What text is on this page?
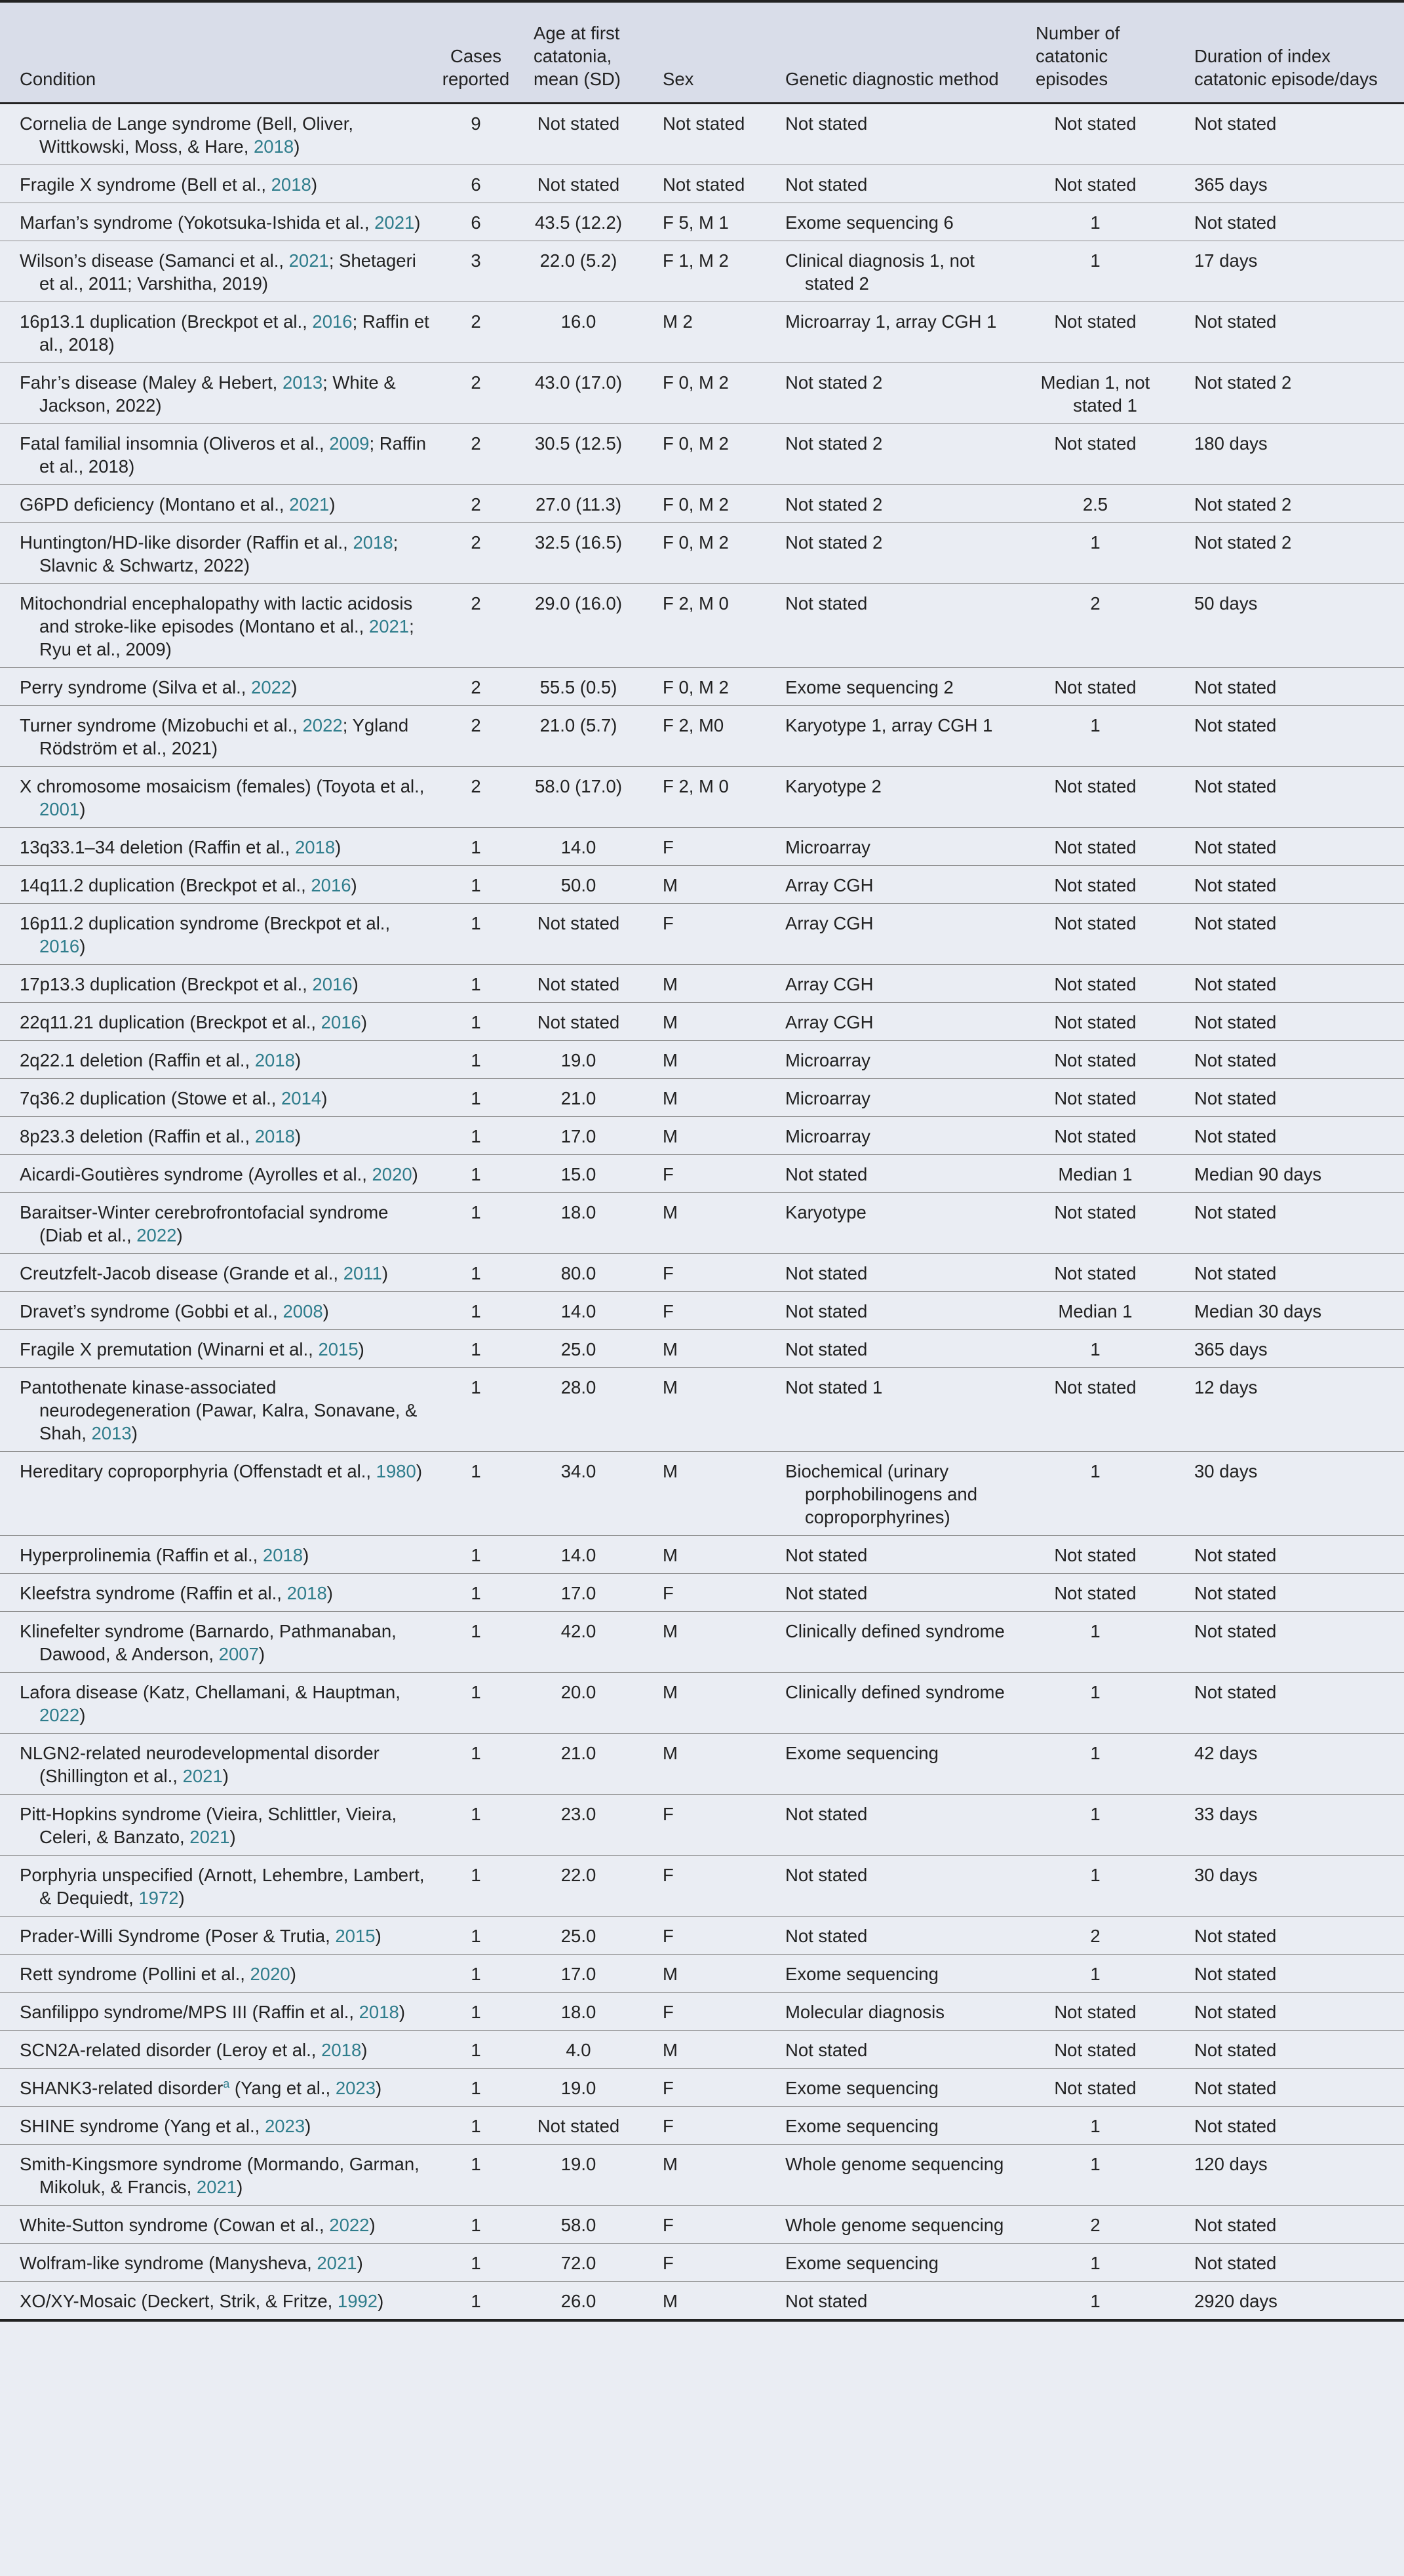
Condition	Cases reported	Age at first catatonia, mean (SD)	Sex	Genetic diagnostic method	Number of catatonic episodes	Duration of index catatonic episode/days

Cornelia de Lange syndrome (Bell, Oliver, Wittkowski, Moss, & Hare, 2018)	9	Not stated	Not stated	Not stated	Not stated	Not stated

Fragile X syndrome (Bell et al., 2018)	6	Not stated	Not stated	Not stated	Not stated	365 days

Marfan’s syndrome (Yokotsuka-Ishida et al., 2021)	6	43.5 (12.2)	F 5, M 1	Exome sequencing 6	1	Not stated

Wilson’s disease (Samanci et al., 2021; Shetageri et al., 2011; Varshitha, 2019)	3	22.0 (5.2)	F 1, M 2	Clinical diagnosis 1, not stated 2	1	17 days

16p13.1 duplication (Breckpot et al., 2016; Raffin et al., 2018)	2	16.0	M 2	Microarray 1, array CGH 1	Not stated	Not stated

Fahr’s disease (Maley & Hebert, 2013; White & Jackson, 2022)	2	43.0 (17.0)	F 0, M 2	Not stated 2	Median 1, not stated 1	Not stated 2

Fatal familial insomnia (Oliveros et al., 2009; Raffin et al., 2018)	2	30.5 (12.5)	F 0, M 2	Not stated 2	Not stated	180 days

G6PD deficiency (Montano et al., 2021)	2	27.0 (11.3)	F 0, M 2	Not stated 2	2.5	Not stated 2

Huntington/HD-like disorder (Raffin et al., 2018; Slavnic & Schwartz, 2022)	2	32.5 (16.5)	F 0, M 2	Not stated 2	1	Not stated 2

Mitochondrial encephalopathy with lactic acidosis and stroke-like episodes (Montano et al., 2021; Ryu et al., 2009)	2	29.0 (16.0)	F 2, M 0	Not stated	2	50 days

Perry syndrome (Silva et al., 2022)	2	55.5 (0.5)	F 0, M 2	Exome sequencing 2	Not stated	Not stated

Turner syndrome (Mizobuchi et al., 2022; Ygland Rödström et al., 2021)	2	21.0 (5.7)	F 2, M0	Karyotype 1, array CGH 1	1	Not stated

X chromosome mosaicism (females) (Toyota et al., 2001)	2	58.0 (17.0)	F 2, M 0	Karyotype 2	Not stated	Not stated

13q33.1–34 deletion (Raffin et al., 2018)	1	14.0	F	Microarray	Not stated	Not stated

14q11.2 duplication (Breckpot et al., 2016)	1	50.0	M	Array CGH	Not stated	Not stated

16p11.2 duplication syndrome (Breckpot et al., 2016)	1	Not stated	F	Array CGH	Not stated	Not stated

17p13.3 duplication (Breckpot et al., 2016)	1	Not stated	M	Array CGH	Not stated	Not stated

22q11.21 duplication (Breckpot et al., 2016)	1	Not stated	M	Array CGH	Not stated	Not stated

2q22.1 deletion (Raffin et al., 2018)	1	19.0	M	Microarray	Not stated	Not stated

7q36.2 duplication (Stowe et al., 2014)	1	21.0	M	Microarray	Not stated	Not stated

8p23.3 deletion (Raffin et al., 2018)	1	17.0	M	Microarray	Not stated	Not stated

Aicardi-Goutières syndrome (Ayrolles et al., 2020)	1	15.0	F	Not stated	Median 1	Median 90 days

Baraitser-Winter cerebrofrontofacial syndrome (Diab et al., 2022)	1	18.0	M	Karyotype	Not stated	Not stated

Creutzfelt-Jacob disease (Grande et al., 2011)	1	80.0	F	Not stated	Not stated	Not stated

Dravet’s syndrome (Gobbi et al., 2008)	1	14.0	F	Not stated	Median 1	Median 30 days

Fragile X premutation (Winarni et al., 2015)	1	25.0	M	Not stated	1	365 days

Pantothenate kinase-associated neurodegeneration (Pawar, Kalra, Sonavane, & Shah, 2013)	1	28.0	M	Not stated 1	Not stated	12 days

Hereditary coproporphyria (Offenstadt et al., 1980)	1	34.0	M	Biochemical (urinary porphobilinogens and coproporphyrines)	1	30 days

Hyperprolinemia (Raffin et al., 2018)	1	14.0	M	Not stated	Not stated	Not stated

Kleefstra syndrome (Raffin et al., 2018)	1	17.0	F	Not stated	Not stated	Not stated

Klinefelter syndrome (Barnardo, Pathmanaban, Dawood, & Anderson, 2007)	1	42.0	M	Clinically defined syndrome	1	Not stated

Lafora disease (Katz, Chellamani, & Hauptman, 2022)	1	20.0	M	Clinically defined syndrome	1	Not stated

NLGN2-related neurodevelopmental disorder (Shillington et al., 2021)	1	21.0	M	Exome sequencing	1	42 days

Pitt-Hopkins syndrome (Vieira, Schlittler, Vieira, Celeri, & Banzato, 2021)	1	23.0	F	Not stated	1	33 days

Porphyria unspecified (Arnott, Lehembre, Lambert, & Dequiedt, 1972)	1	22.0	F	Not stated	1	30 days

Prader-Willi Syndrome (Poser & Trutia, 2015)	1	25.0	F	Not stated	2	Not stated

Rett syndrome (Pollini et al., 2020)	1	17.0	M	Exome sequencing	1	Not stated

Sanfilippo syndrome/MPS III (Raffin et al., 2018)	1	18.0	F	Molecular diagnosis	Not stated	Not stated

SCN2A-related disorder (Leroy et al., 2018)	1	4.0	M	Not stated	Not stated	Not stated

SHANK3-related disorder$^a$ (Yang et al., 2023)	1	19.0	F	Exome sequencing	Not stated	Not stated

SHINE syndrome (Yang et al., 2023)	1	Not stated	F	Exome sequencing	1	Not stated

Smith-Kingsmore syndrome (Mormando, Garman, Mikoluk, & Francis, 2021)	1	19.0	M	Whole genome sequencing	1	120 days

White-Sutton syndrome (Cowan et al., 2022)	1	58.0	F	Whole genome sequencing	2	Not stated

Wolfram-like syndrome (Manysheva, 2021)	1	72.0	F	Exome sequencing	1	Not stated

XO/XY-Mosaic (Deckert, Strik, & Fritze, 1992)	1	26.0	M	Not stated	1	2920 days
